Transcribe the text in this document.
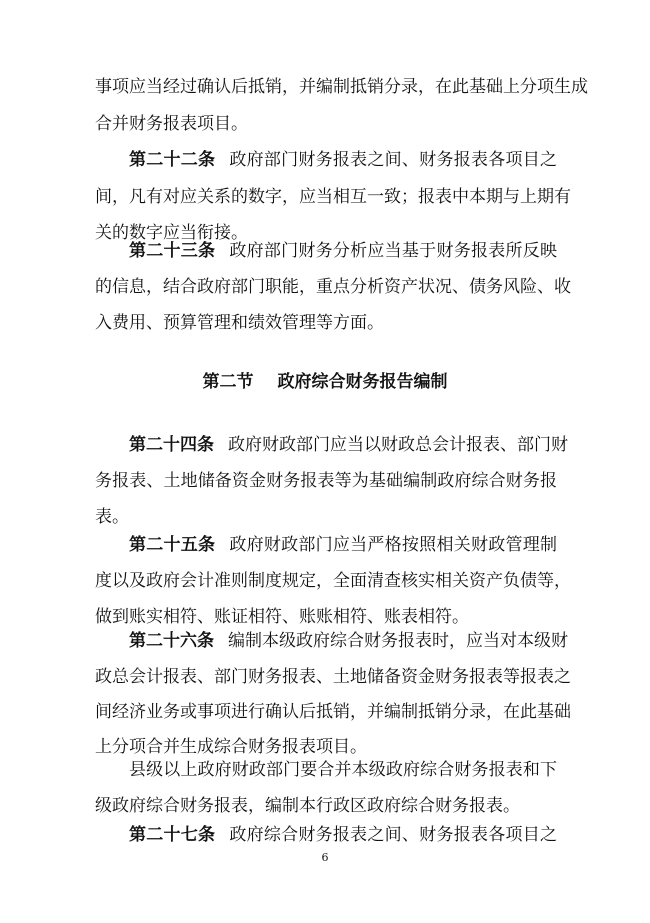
事项应当经过确认后抵销，并编制抵销分录，在此基础上分项生成
合并财务报表项目。
第二十二条 政府部门财务报表之间、财务报表各项目之
间，凡有对应关系的数字，应当相互一致；报表中本期与上期有
关的数字应当衔接。
第二十三条 政府部门财务分析应当基于财务报表所反映
的信息，结合政府部门职能，重点分析资产状况、债务风险、收
入费用、预算管理和绩效管理等方面。
第二节 政府综合财务报告编制
第二十四条 政府财政部门应当以财政总会计报表、部门财
务报表、土地储备资金财务报表等为基础编制政府综合财务报
表。
第二十五条 政府财政部门应当严格按照相关财政管理制
度以及政府会计准则制度规定，全面清查核实相关资产负债等，
做到账实相符、账证相符、账账相符、账表相符。
第二十六条 编制本级政府综合财务报表时，应当对本级财
政总会计报表、部门财务报表、土地储备资金财务报表等报表之
间经济业务或事项进行确认后抵销，并编制抵销分录，在此基础
上分项合并生成综合财务报表项目。
县级以上政府财政部门要合并本级政府综合财务报表和下
级政府综合财务报表，编制本行政区政府综合财务报表。
第二十七条 政府综合财务报表之间、财务报表各项目之
6
